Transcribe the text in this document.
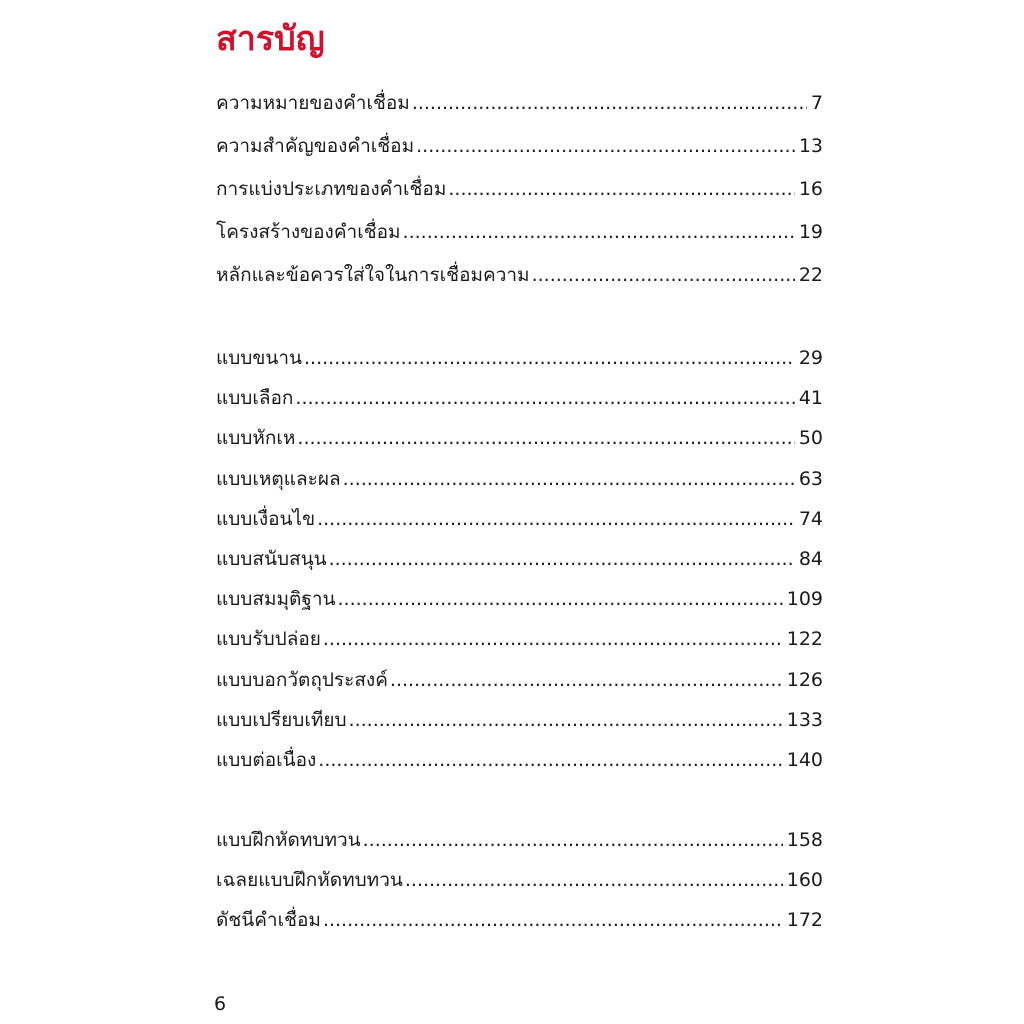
สารบัญ
ความหมายของคำเชื่อม .....	7
ความสำคัญของคำเชื่อม .....	13
การแบ่งประเภทของคำเชื่อม .....	16
โครงสร้างของคำเชื่อม .....	19
หลักและข้อควรใส่ใจในการเชื่อมความ .....	22
แบบขนาน .....	29
แบบเลือก .....	41
แบบหักเห .....	50
แบบเหตุและผล .....	63
แบบเงื่อนไข .....	74
แบบสนับสนุน .....	84
แบบสมมุติฐาน .....	109
แบบรับปล่อย .....	122
แบบบอกวัตถุประสงค์ .....	126
แบบเปรียบเทียบ .....	133
แบบต่อเนื่อง .....	140
แบบฝึกหัดทบทวน .....	158
เฉลยแบบฝึกหัดทบทวน .....	160
ดัชนีคำเชื่อม .....	172
6
